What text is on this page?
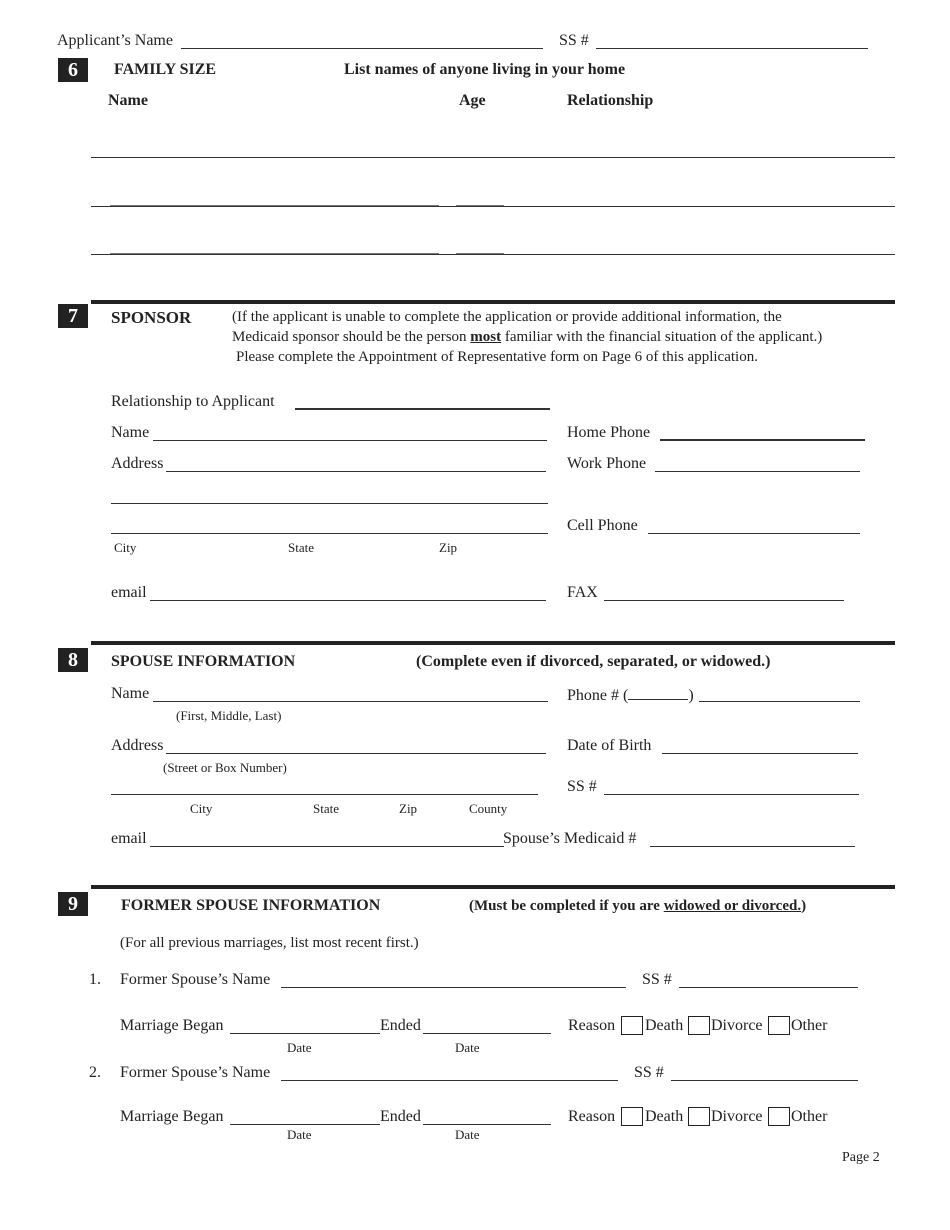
Applicant’s Name	SS #
6	FAMILY SIZE	List names of anyone living in your home
Name	Age	Relationship
7	SPONSOR	(If the applicant is unable to complete the application or provide additional information, the
Medicaid sponsor should be the person most familiar with the financial situation of the applicant.)
Please complete the Appointment of Representative form on Page 6 of this application.
Relationship to Applicant
Name	Home Phone
Address	Work Phone
Cell Phone
City	State	Zip
email	FAX
8	SPOUSE INFORMATION	(Complete even if divorced, separated, or widowed.)
Name
(First, Middle, Last)
Phone # (	)
Address
(Street or Box Number)
Date of Birth
SS #
City	State	Zip	County
email	Spouse’s Medicaid #
9	FORMER SPOUSE INFORMATION	(Must be completed if you are widowed or divorced.)
(For all previous marriages, list most recent first.)
1. Former Spouse’s Name	SS #
Marriage Began	Ended
Date	Date
Reason Death Divorce Other
2. Former Spouse’s Name	SS #
Marriage Began	Ended
Date	Date
Reason Death Divorce Other
Page 2
